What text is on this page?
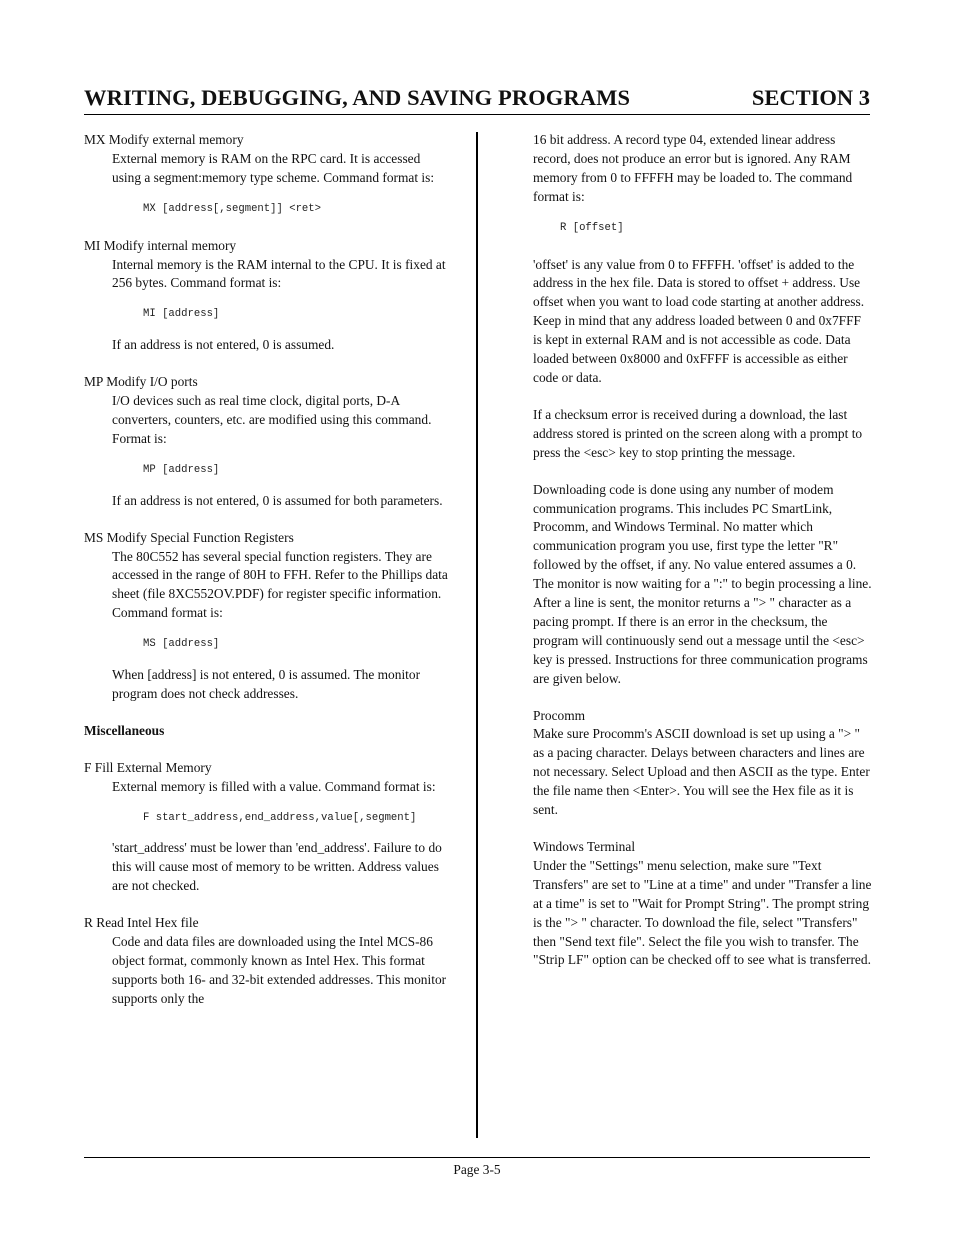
WRITING, DEBUGGING, AND SAVING PROGRAMS	SECTION 3

MX Modify external memory

External memory is RAM on the RPC card. It is accessed using a segment:memory type scheme. Command format is:

MX [address[,segment]] <ret>

MI Modify internal memory

Internal memory is the RAM internal to the CPU. It is fixed at 256 bytes. Command format is:

MI [address]

If an address is not entered, 0 is assumed.

MP Modify I/O ports

I/O devices such as real time clock, digital ports, D-A converters, counters, etc. are modified using this command. Format is:

MP [address]

If an address is not entered, 0 is assumed for both parameters.

MS Modify Special Function Registers

The 80C552 has several special function registers. They are accessed in the range of 80H to FFH. Refer to the Phillips data sheet (file 8XC552OV.PDF) for register specific information. Command format is:

MS [address]

When [address] is not entered, 0 is assumed. The monitor program does not check addresses.

Miscellaneous

F Fill External Memory

External memory is filled with a value. Command format is:

F start_address,end_address,value[,segment]

'start_address' must be lower than 'end_address'. Failure to do this will cause most of memory to be written. Address values are not checked.

R Read Intel Hex file

Code and data files are downloaded using the Intel MCS-86 object format, commonly known as Intel Hex. This format supports both 16- and 32-bit extended addresses. This monitor supports only the

16 bit address. A record type 04, extended linear address record, does not produce an error but is ignored. Any RAM memory from 0 to FFFFH may be loaded to. The command format is:

R [offset]

'offset' is any value from 0 to FFFFH. 'offset' is added to the address in the hex file. Data is stored to offset + address. Use offset when you want to load code starting at another address. Keep in mind that any address loaded between 0 and 0x7FFF is kept in external RAM and is not accessible as code. Data loaded between 0x8000 and 0xFFFF is accessible as either code or data.

If a checksum error is received during a download, the last address stored is printed on the screen along with a prompt to press the <esc> key to stop printing the message.

Downloading code is done using any number of modem communication programs. This includes PC SmartLink, Procomm, and Windows Terminal. No matter which communication program you use, first type the letter "R" followed by the offset, if any. No value entered assumes a 0. The monitor is now waiting for a ":" to begin processing a line. After a line is sent, the monitor returns a "> " character as a pacing prompt. If there is an error in the checksum, the program will continuously send out a message until the <esc> key is pressed. Instructions for three communication programs are given below.

Procomm

Make sure Procomm's ASCII download is set up using a "> " as a pacing character. Delays between characters and lines are not necessary. Select Upload and then ASCII as the type. Enter the file name then <Enter>. You will see the Hex file as it is sent.

Windows Terminal

Under the "Settings" menu selection, make sure "Text Transfers" are set to "Line at a time" and under "Transfer a line at a time" is set to "Wait for Prompt String". The prompt string is the "> " character. To download the file, select "Transfers" then "Send text file". Select the file you wish to transfer. The "Strip LF" option can be checked off to see what is transferred.

Page 3-5
